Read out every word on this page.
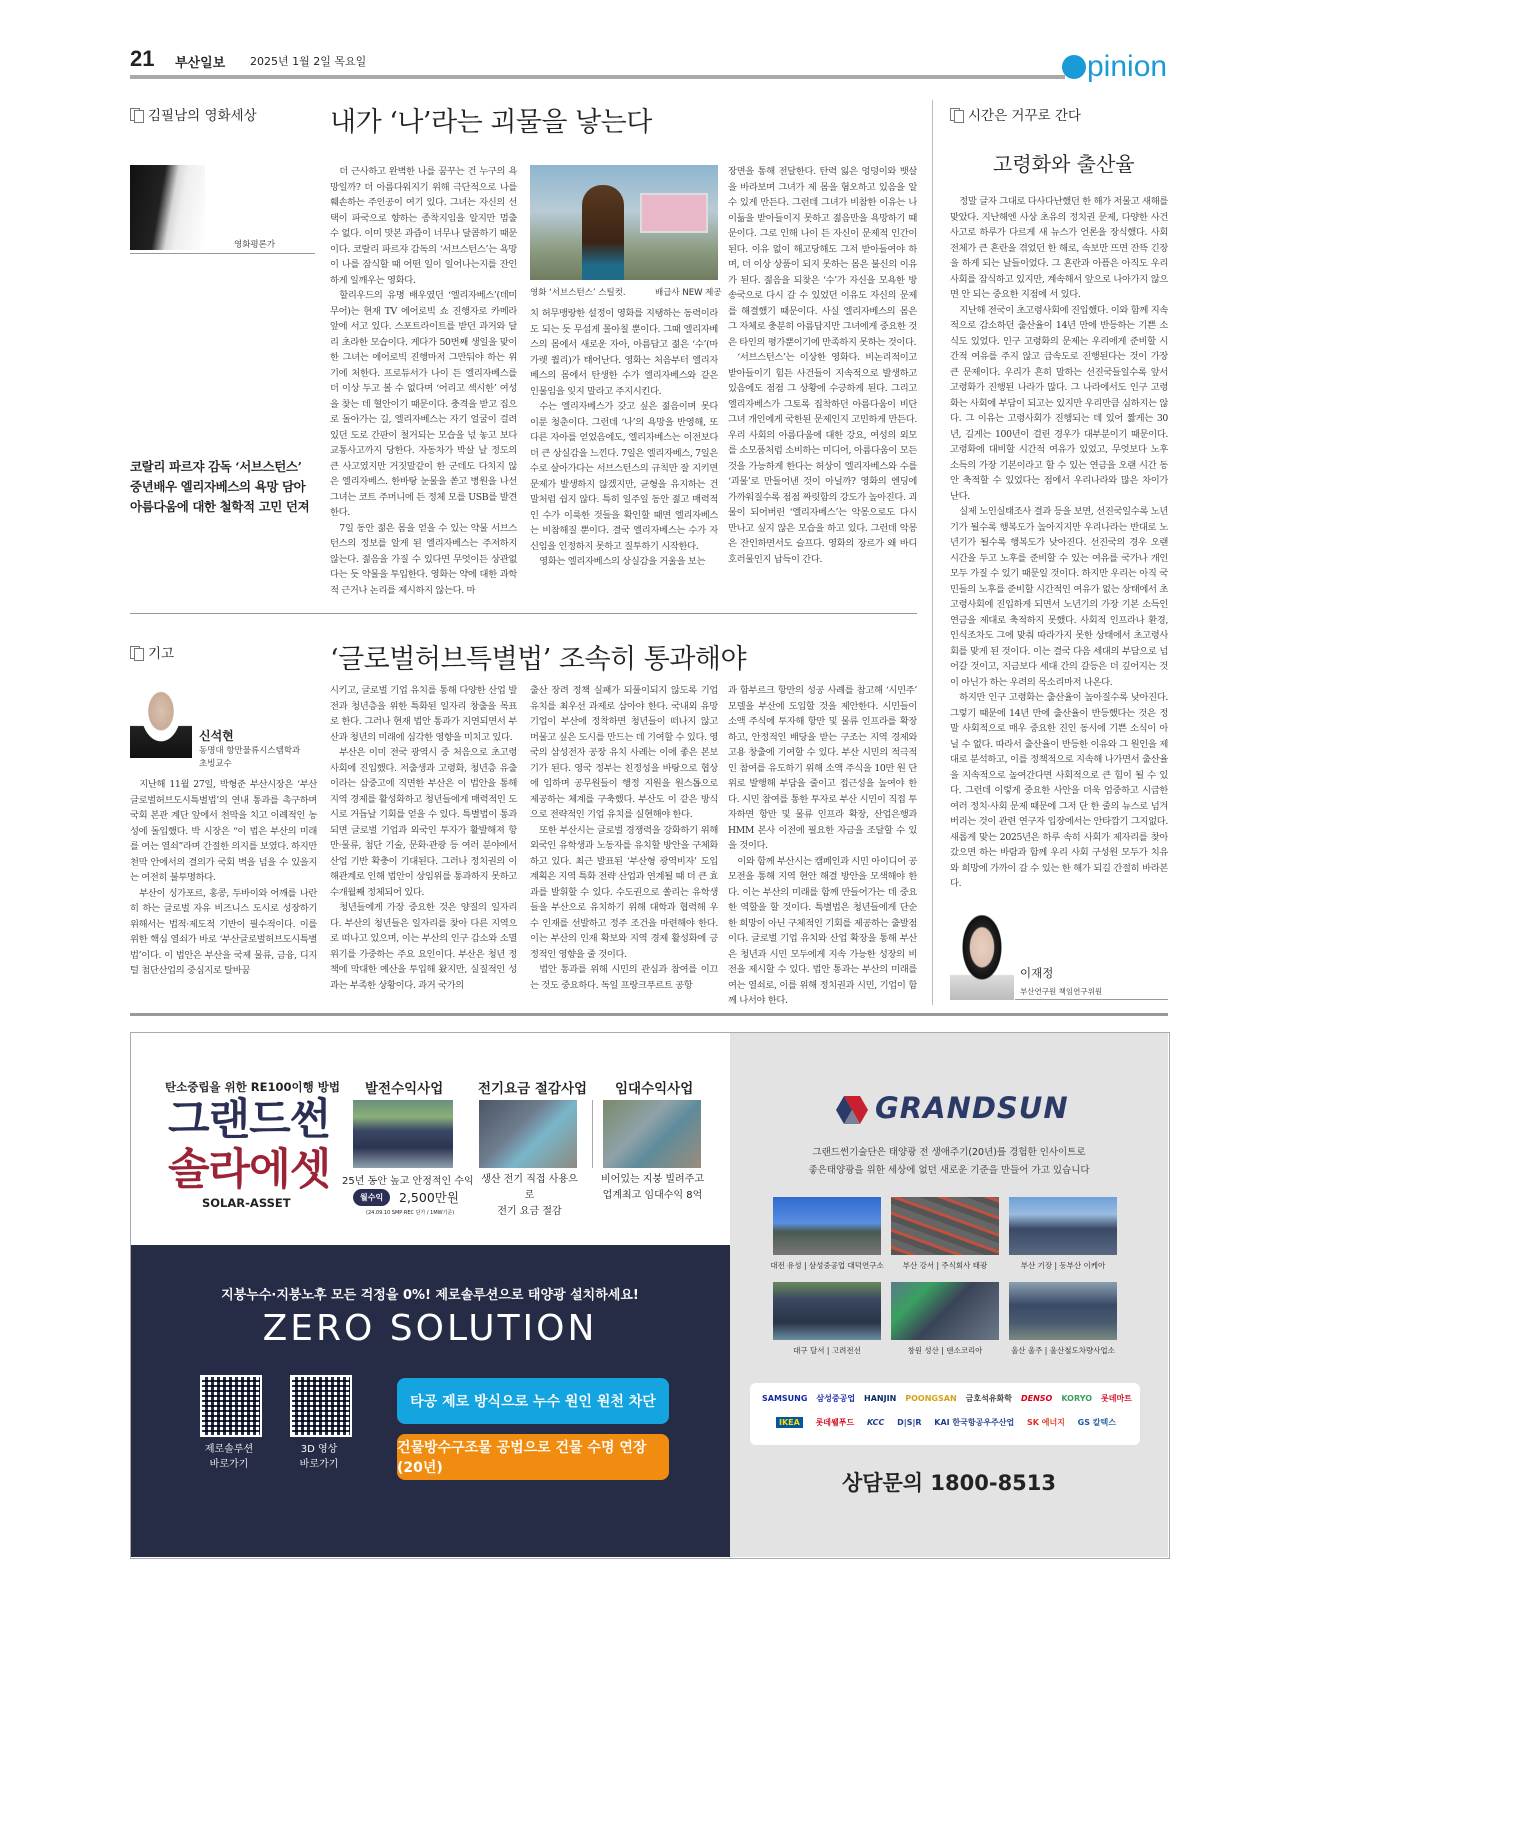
21 부산일보 2025년 1월 2일 목요일	pinion
김필남의 영화세상	내가 ‘나’라는 괴물을 낳는다
영화평론가
코랄리 파르쟈 감독 ‘서브스턴스’
중년배우 엘리자베스의 욕망 담아
아름다움에 대한 철학적 고민 던져

더 근사하고 완벽한 나를 꿈꾸는 건 누구의 욕망일까? 더 아름다워지기 위해 극단적으로 나를 훼손하는 주인공이 여기 있다. 그녀는 자신의 선택이 파국으로 향하는 종착지임을 알지만 멈출 수 없다. 이미 맛본 과즙이 너무나 달콤하기 때문이다. 코랄리 파르쟈 감독의 ‘서브스턴스’는 욕망이 나를 잠식할 때 어떤 일이 일어나는지를 잔인하게 일깨우는 영화다.

할리우드의 유명 배우였던 ‘엘리자베스’(데미 무어)는 현재 TV 에어로빅 쇼 진행자로 카메라 앞에 서고 있다. 스포트라이트를 받던 과거와 달리 초라한 모습이다. 게다가 50번째 생일을 맞이한 그녀는 에어로빅 진행마저 그만둬야 하는 위기에 처한다. 프로듀서가 나이 든 엘리자베스를 더 이상 두고 볼 수 없다며 ‘어리고 섹시한’ 여성을 찾는 데 혈안이기 때문이다. 충격을 받고 집으로 돌아가는 길, 엘리자베스는 자기 얼굴이 걸려 있던 도로 간판이 철거되는 모습을 넋 놓고 보다 교통사고까지 당한다. 자동차가 박살 날 정도의 큰 사고였지만 거짓말같이 한 군데도 다치지 않은 엘리자베스. 한바탕 눈물을 쏟고 병원을 나선 그녀는 코트 주머니에 든 정체 모를 USB를 발견한다.

7일 동안 젊은 몸을 얻을 수 있는 약물 서브스턴스의 정보를 알게 된 엘리자베스는 주저하지 않는다. 젊음을 가질 수 있다면 무엇이든 상관없다는 듯 약물을 투입한다. 영화는 약에 대한 과학적 근거나 논리를 제시하지 않는다. 마

영화 ‘서브스턴스’ 스틸컷.	배급사 NEW 제공

치 허무맹랑한 설정이 영화를 지탱하는 동력이라도 되는 듯 무섭게 몰아칠 뿐이다. 그때 엘리자베스의 몸에서 새로운 자아, 아름답고 젊은 ‘수’(마가렛 퀄리)가 태어난다. 영화는 처음부터 엘리자베스의 몸에서 탄생한 수가 엘리자베스와 같은 인물임을 잊지 말라고 주지시킨다.

수는 엘리자베스가 갖고 싶은 젊음이며 못다 이룬 청춘이다. 그런데 ‘나’의 욕망을 반영해, 또 다른 자아를 얻었음에도, 엘리자베스는 이전보다 더 큰 상실감을 느낀다. 7일은 엘리자베스, 7일은 수로 살아가다는 서브스턴스의 규칙만 잘 지키면 문제가 발생하지 않겠지만, 균형을 유지하는 건 말처럼 쉽지 않다. 특히 일주일 동안 젊고 매력적인 수가 이룩한 것들을 확인할 때면 엘리자베스는 비참해질 뿐이다. 결국 엘리자베스는 수가 자신임을 인정하지 못하고 질투하기 시작한다.

영화는 엘리자베스의 상실감을 거울을 보는

장면을 통해 전달한다. 탄력 잃은 엉덩이와 뱃살을 바라보며 그녀가 제 몸을 혐오하고 있음을 알 수 있게 만든다. 그런데 그녀가 비참한 이유는 나이듦을 받아들이지 못하고 젊음만을 욕망하기 때문이다. 그로 인해 나이 든 자신이 문제적 인간이 된다. 이유 없이 해고당해도 그저 받아들여야 하며, 더 이상 상품이 되지 못하는 몸은 불신의 이유가 된다. 젊음을 되찾은 ‘수’가 자신을 모욕한 방송국으로 다시 갈 수 있었던 이유도 자신의 문제를 해결했기 때문이다. 사실 엘리자베스의 몸은 그 자체로 충분히 아름답지만 그녀에게 중요한 것은 타인의 평가뿐이기에 만족하지 못하는 것이다.

‘서브스턴스’는 이상한 영화다. 비논리적이고 받아들이기 힘든 사건들이 지속적으로 발생하고 있음에도 점점 그 상황에 수긍하게 된다. 그리고 엘리자베스가 그토록 집착하던 아름다움이 비단 그녀 개인에게 국한된 문제인지 고민하게 만든다. 우리 사회의 아름다움에 대한 강요, 여성의 외모를 소모품처럼 소비하는 미디어, 아름다움이 모든 것을 가능하게 한다는 허상이 엘리자베스와 수를 ‘괴물’로 만들어낸 것이 아닐까? 영화의 엔딩에 가까워질수록 점점 짜릿함의 강도가 높아진다. 괴물이 되어버린 ‘엘리자베스’는 악몽으로도 다시 만나고 싶지 않은 모습을 하고 있다. 그런데 악몽은 잔인하면서도 슬프다. 영화의 장르가 왜 바디 호러물인지 납득이 간다.

기고	‘글로벌허브특별법’ 조속히 통과해야
신석현
동명대 항만물류시스템학과
초빙교수

지난해 11월 27일, 박형준 부산시장은 ‘부산글로벌허브도시특별법’의 연내 통과를 촉구하며 국회 본관 계단 앞에서 천막을 치고 이례적인 농성에 돌입했다. 박 시장은 “이 법은 부산의 미래를 여는 열쇠”라며 간절한 의지를 보였다. 하지만 천막 안에서의 결의가 국회 벽을 넘을 수 있을지는 여전히 불투명하다.

부산이 싱가포르, 홍콩, 두바이와 어깨를 나란히 하는 글로벌 자유 비즈니스 도시로 성장하기 위해서는 법적·제도적 기반이 필수적이다. 이를 위한 핵심 열쇠가 바로 ‘부산글로벌허브도시특별법’이다. 이 법안은 부산을 국제 물류, 금융, 디지털 첨단산업의 중심지로 탈바꿈

시키고, 글로벌 기업 유치를 통해 다양한 산업 발전과 청년층을 위한 특화된 일자리 창출을 목표로 한다. 그러나 현재 법안 통과가 지연되면서 부산과 청년의 미래에 심각한 영향을 미치고 있다.

부산은 이미 전국 광역시 중 처음으로 초고령사회에 진입했다. 저출생과 고령화, 청년층 유출이라는 삼중고에 직면한 부산은 이 법안을 통해 지역 경제를 활성화하고 청년들에게 매력적인 도시로 거듭날 기회를 얻을 수 있다. 특별법이 통과되면 글로벌 기업과 외국인 투자가 활발해져 항만·물류, 첨단 기술, 문화·관광 등 여러 분야에서 산업 기반 확충이 기대된다. 그러나 정치권의 이해관계로 인해 법안이 상임위를 통과하지 못하고 수개월째 정체되어 있다.

청년들에게 가장 중요한 것은 양질의 일자리다. 부산의 청년들은 일자리를 찾아 다른 지역으로 떠나고 있으며, 이는 부산의 인구 감소와 소멸 위기를 가중하는 주요 요인이다. 부산은 청년 정책에 막대한 예산을 투입해 왔지만, 실질적인 성과는 부족한 상황이다. 과거 국가의

출산 장려 정책 실패가 되풀이되지 않도록 기업 유치를 최우선 과제로 삼아야 한다. 국내외 유망 기업이 부산에 정착하면 청년들이 떠나지 않고 머물고 싶은 도시를 만드는 데 기여할 수 있다. 영국의 삼성전자 공장 유치 사례는 이에 좋은 본보기가 된다. 영국 정부는 친정성을 바탕으로 협상에 임하며 공무원들이 행정 지원을 원스톱으로 제공하는 체계를 구축했다. 부산도 이 같은 방식으로 전략적인 기업 유치를 실현해야 한다.

또한 부산시는 글로벌 경쟁력을 강화하기 위해 외국인 유학생과 노동자를 유치할 방안을 구체화하고 있다. 최근 발표된 ‘부산형 광역비자’ 도입 계획은 지역 특화 전략 산업과 연계될 때 더 큰 효과를 발휘할 수 있다. 수도권으로 쏠리는 유학생들을 부산으로 유치하기 위해 대학과 협력해 우수 인재를 선발하고 정주 조건을 마련해야 한다. 이는 부산의 인재 확보와 지역 경제 활성화에 긍정적인 영향을 줄 것이다.

법안 통과를 위해 시민의 관심과 참여를 이끄는 것도 중요하다. 독일 프랑크푸르트 공항

과 함부르크 항만의 성공 사례를 참고해 ‘시민주’ 모델을 부산에 도입할 것을 제안한다. 시민들이 소액 주식에 투자해 항만 및 물류 인프라를 확장하고, 안정적인 배당을 받는 구조는 지역 경제와 고용 창출에 기여할 수 있다. 부산 시민의 적극적인 참여를 유도하기 위해 소액 주식을 10만 원 단위로 발행해 부담을 줄이고 접근성을 높여야 한다. 시민 참여를 통한 투자로 부산 시민이 직접 투자하면 항만 및 물류 인프라 확장, 산업은행과 HMM 본사 이전에 필요한 자금을 조달할 수 있을 것이다.

이와 함께 부산시는 캠페인과 시민 아이디어 공모전을 통해 지역 현안 해결 방안을 모색해야 한다. 이는 부산의 미래를 함께 만들어가는 데 중요한 역할을 할 것이다. 특별법은 청년들에게 단순한 희망이 아닌 구체적인 기회를 제공하는 출발점이다. 글로벌 기업 유치와 산업 확장을 통해 부산은 청년과 시민 모두에게 지속 가능한 성장의 비전을 제시할 수 있다. 법안 통과는 부산의 미래를 여는 열쇠로, 이를 위해 정치권과 시민, 기업이 함께 나서야 한다.

시간은 거꾸로 간다
고령화와 출산율

정말 글자 그대로 다사다난했던 한 해가 저물고 새해를 맞았다. 지난해엔 사상 초유의 정치권 문제, 다양한 사건 사고로 하루가 다르게 새 뉴스가 언론을 장식했다. 사회 전체가 큰 혼란을 겪었던 한 해로, 속보만 뜨면 잔뜩 긴장을 하게 되는 날들이었다. 그 혼란과 아픔은 아직도 우리 사회를 잠식하고 있지만, 계속해서 앞으로 나아가지 않으면 안 되는 중요한 지점에 서 있다.

지난해 전국이 초고령사회에 진입했다. 이와 함께 지속적으로 감소하던 출산율이 14년 만에 반등하는 기쁜 소식도 있었다. 인구 고령화의 문제는 우리에게 준비할 시간적 여유를 주지 않고 급속도로 진행된다는 것이 가장 큰 문제이다. 우리가 흔히 말하는 선진국들일수록 앞서 고령화가 진행된 나라가 많다. 그 나라에서도 인구 고령화는 사회에 부담이 되고는 있지만 우리만큼 심하지는 않다. 그 이유는 고령사회가 진행되는 데 있어 짧게는 30년, 길게는 100년이 걸린 경우가 대부분이기 때문이다. 고령화에 대비할 시간적 여유가 있었고, 무엇보다 노후 소득의 가장 기본이라고 할 수 있는 연금을 오랜 시간 동안 축적할 수 있었다는 점에서 우리나라와 많은 차이가 난다.

실제 노인실태조사 결과 등을 보면, 선진국일수록 노년기가 될수록 행복도가 높아지지만 우리나라는 반대로 노년기가 될수록 행복도가 낮아진다. 선진국의 경우 오랜 시간을 두고 노후를 준비할 수 있는 여유를 국가나 개인 모두 가질 수 있기 때문일 것이다. 하지만 우리는 아직 국민들의 노후를 준비할 시간적인 여유가 없는 상태에서 초고령사회에 진입하게 되면서 노년기의 가장 기본 소득인 연금을 제대로 축적하지 못했다. 사회적 인프라나 환경, 인식조차도 그에 맞춰 따라가지 못한 상태에서 초고령사회를 맞게 된 것이다. 이는 결국 다음 세대의 부담으로 넘어갈 것이고, 지금보다 세대 간의 갈등은 더 깊어지는 것이 아닌가 하는 우려의 목소리마저 나온다.

하지만 인구 고령화는 출산율이 높아질수록 낮아진다. 그렇기 때문에 14년 만에 출산율이 반등했다는 것은 정말 사회적으로 매우 중요한 진인 동시에 기쁜 소식이 아닐 수 없다. 따라서 출산율이 반등한 이유와 그 원인을 제대로 분석하고, 이를 정책적으로 지속해 나가면서 출산율을 지속적으로 높여간다면 사회적으로 큰 힘이 될 수 있다. 그런데 이렇게 중요한 사안을 더욱 엄중하고 시급한 여러 정치·사회 문제 때문에 그저 단 한 줄의 뉴스로 넘겨 버리는 것이 관련 연구자 입장에서는 안타깝기 그지없다. 새롭게 맞는 2025년은 하루 속히 사회가 제자리를 찾아갔으면 하는 바람과 함께 우리 사회 구성원 모두가 치유와 희망에 가까이 갈 수 있는 한 해가 되길 간절히 바라본다.

이재정
부산연구원 책임연구위원
탄소중립을 위한 RE100이행 방법
그랜드썬
솔라에셋
SOLAR-ASSET
발전수익사업
25년 동안 높고 안정적인 수익
월수익	2,500만원
(24.09.10 SMP·REC 단가 / 1MW기준)
전기요금 절감사업
생산 전기 직접 사용으로
전기 요금 절감
임대수익사업
비어있는 지붕 빌려주고
업계최고 임대수익 8억
지붕누수·지붕노후 모든 걱정을 0%! 제로솔루션으로 태양광 설치하세요!
ZERO SOLUTION
제로솔루션
바로가기
3D 영상
바로가기
타공 제로 방식으로 누수 원인 원천 차단
건물방수구조물 공법으로 건물 수명 연장(20년)
GRANDSUN
그랜드썬기술단은 태양광 전 생애주기(20년)를 경험한 인사이트로
좋은태양광을 위한 세상에 없던 새로운 기준을 만들어 가고 있습니다
대전 유성 | 삼성중공업 대덕연구소	부산 강서 | 주식회사 태광	부산 기장 | 동부산 이케아
대구 달서 | 고려전선	창원 성산 | 덴소코리아	울산 울주 | 울산철도차량사업소
SAMSUNG 삼성중공업 HANJIN POONGSAN 금호석유화학 DENSO KORYO 롯데마트
IKEA	롯데웰푸드 KCC D|S|R KAI 한국항공우주산업 SK 에너지 GS 칼텍스
상담문의 1800-8513
